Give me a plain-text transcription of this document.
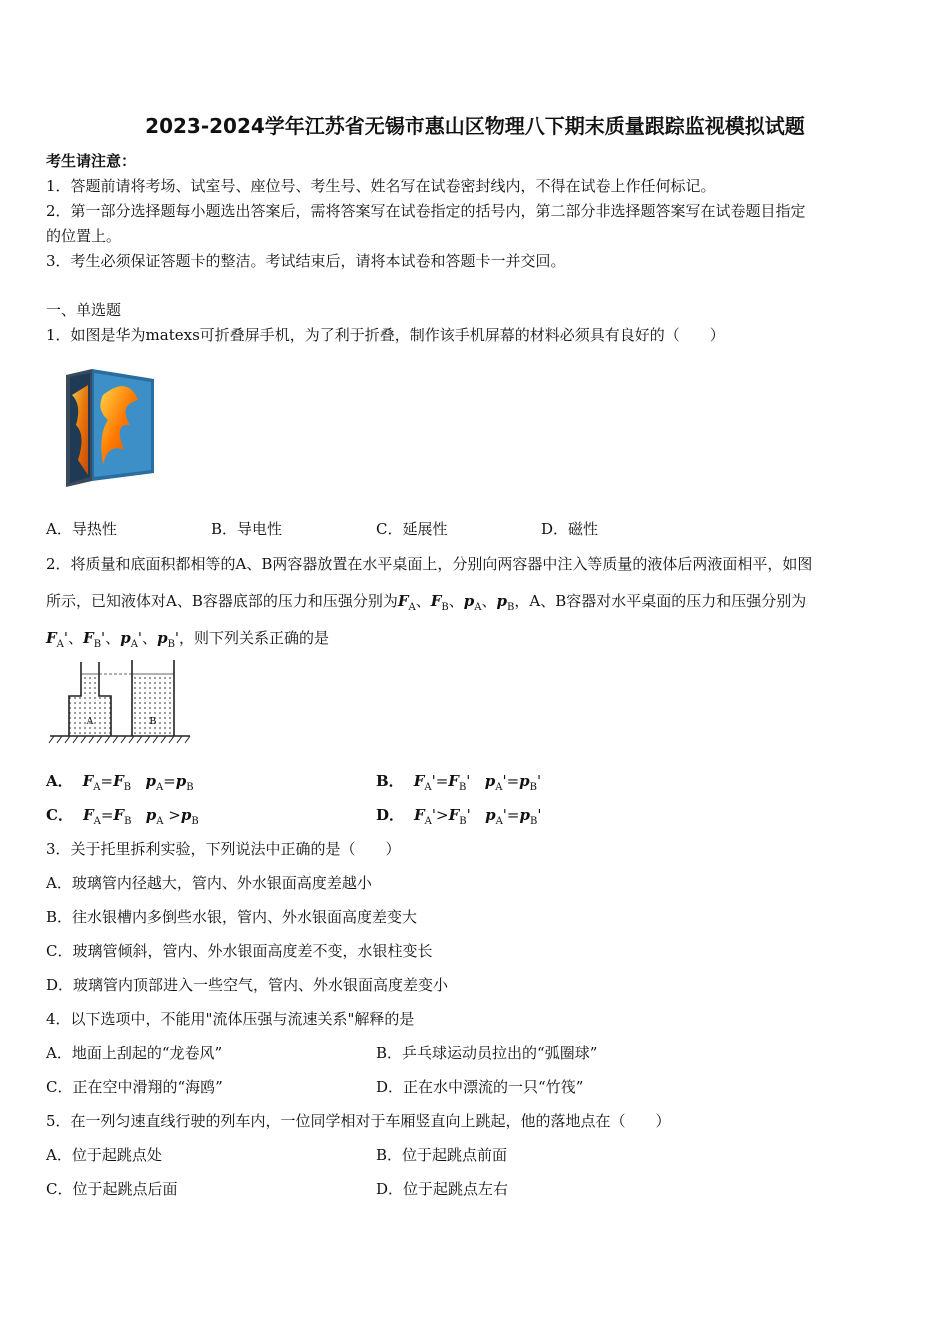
2023-2024学年江苏省无锡市惠山区物理八下期末质量跟踪监视模拟试题
考生请注意：
1．答题前请将考场、试室号、座位号、考生号、姓名写在试卷密封线内，不得在试卷上作任何标记。
2．第一部分选择题每小题选出答案后，需将答案写在试卷指定的括号内，第二部分非选择题答案写在试卷题目指定
的位置上。
3．考生必须保证答题卡的整洁。考试结束后，请将本试卷和答题卡一并交回。
一、单选题
1．如图是华为matexs可折叠屏手机，为了利于折叠，制作该手机屏幕的材料必须具有良好的（　　）
A．导热性	B．导电性	C．延展性	D．磁性
2．将质量和底面积都相等的A、B两容器放置在水平桌面上，分别向两容器中注入等质量的液体后两液面相平，如图
所示，已知液体对A、B容器底部的压力和压强分别为$F_A$、$F_B$、$p_A$、$p_B$，A、B容器对水平桌面的压力和压强分别为
$F_A'$、$F_B'$、$p_A'$、$p_B'$，则下列关系正确的是
A	B
A． $F_A=F_B$ $p_A=p_B$	B． $F_A'=F_B'$ $p_A'=p_B'$
C． $F_A=F_B$ $p_A >p_B$	D． $F_A'>F_B'$ $p_A'=p_B'$
3．关于托里拆利实验，下列说法中正确的是（　　）
A．玻璃管内径越大，管内、外水银面高度差越小
B．往水银槽内多倒些水银，管内、外水银面高度差变大
C．玻璃管倾斜，管内、外水银面高度差不变，水银柱变长
D．玻璃管内顶部进入一些空气，管内、外水银面高度差变小
4．以下选项中，不能用"流体压强与流速关系"解释的是
A．地面上刮起的“龙卷风”	B．乒乓球运动员拉出的“弧圈球”
C．正在空中滑翔的“海鸥”	D．正在水中漂流的一只“竹筏”
5．在一列匀速直线行驶的列车内，一位同学相对于车厢竖直向上跳起，他的落地点在（　　）
A．位于起跳点处	B．位于起跳点前面
C．位于起跳点后面	D．位于起跳点左右
